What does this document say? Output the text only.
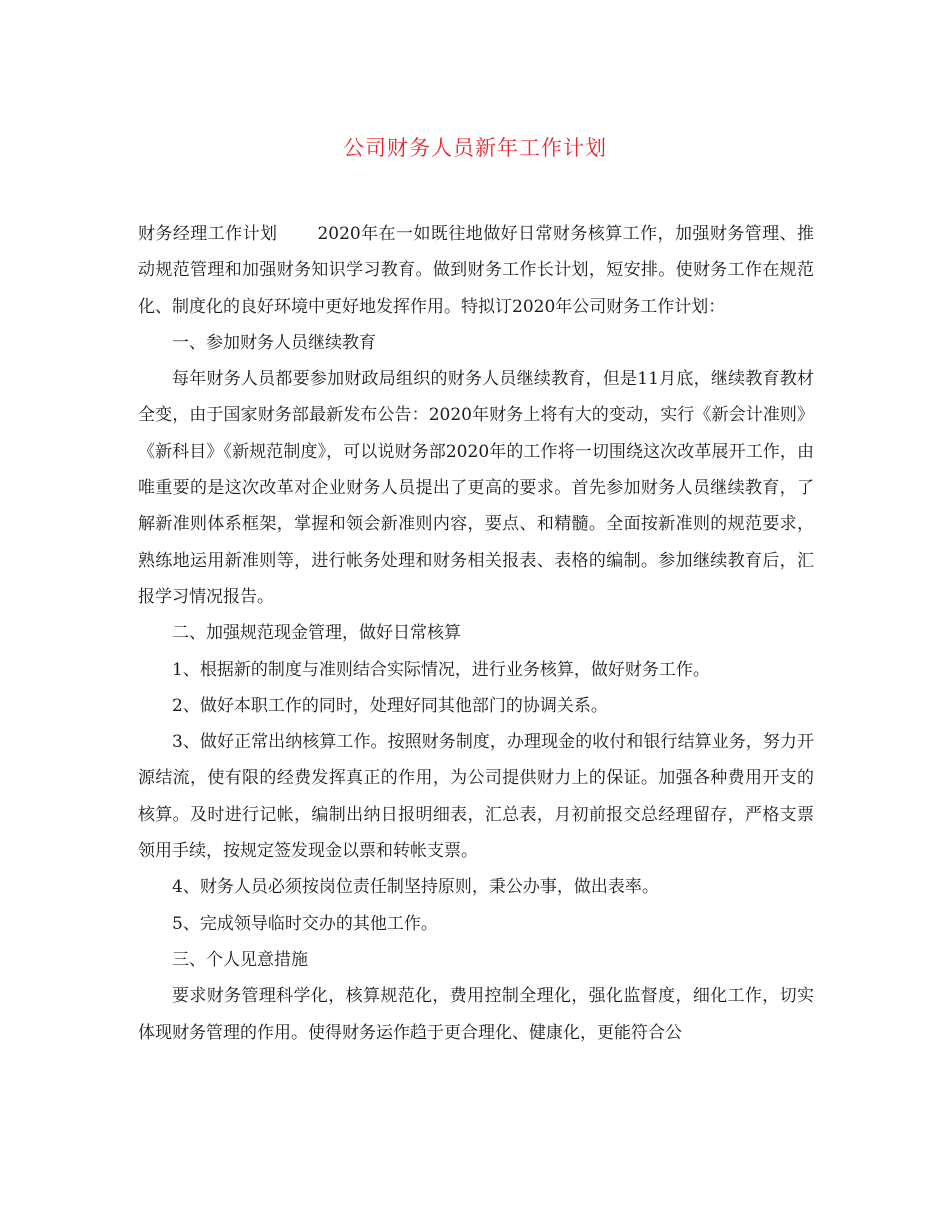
公司财务人员新年工作计划

财务经理工作计划 2020年在一如既往地做好日常财务核算工作，加强财务管理、推动规范管理和加强财务知识学习教育。做到财务工作长计划，短安排。使财务工作在规范化、制度化的良好环境中更好地发挥作用。特拟订2020年公司财务工作计划：

一、参加财务人员继续教育

每年财务人员都要参加财政局组织的财务人员继续教育，但是11月底，继续教育教材全变，由于国家财务部最新发布公告：2020年财务上将有大的变动，实行《新会计准则》《新科目》《新规范制度》，可以说财务部2020年的工作将一切围绕这次改革展开工作，由唯重要的是这次改革对企业财务人员提出了更高的要求。首先参加财务人员继续教育，了解新准则体系框架，掌握和领会新准则内容，要点、和精髓。全面按新准则的规范要求，熟练地运用新准则等，进行帐务处理和财务相关报表、表格的编制。参加继续教育后，汇报学习情况报告。

二、加强规范现金管理，做好日常核算

1、根据新的制度与准则结合实际情况，进行业务核算，做好财务工作。

2、做好本职工作的同时，处理好同其他部门的协调关系。

3、做好正常出纳核算工作。按照财务制度，办理现金的收付和银行结算业务，努力开源结流，使有限的经费发挥真正的作用，为公司提供财力上的保证。加强各种费用开支的核算。及时进行记帐，编制出纳日报明细表，汇总表，月初前报交总经理留存，严格支票领用手续，按规定签发现金以票和转帐支票。

4、财务人员必须按岗位责任制坚持原则，秉公办事，做出表率。

5、完成领导临时交办的其他工作。

三、个人见意措施

要求财务管理科学化，核算规范化，费用控制全理化，强化监督度，细化工作，切实体现财务管理的作用。使得财务运作趋于更合理化、健康化，更能符合公
